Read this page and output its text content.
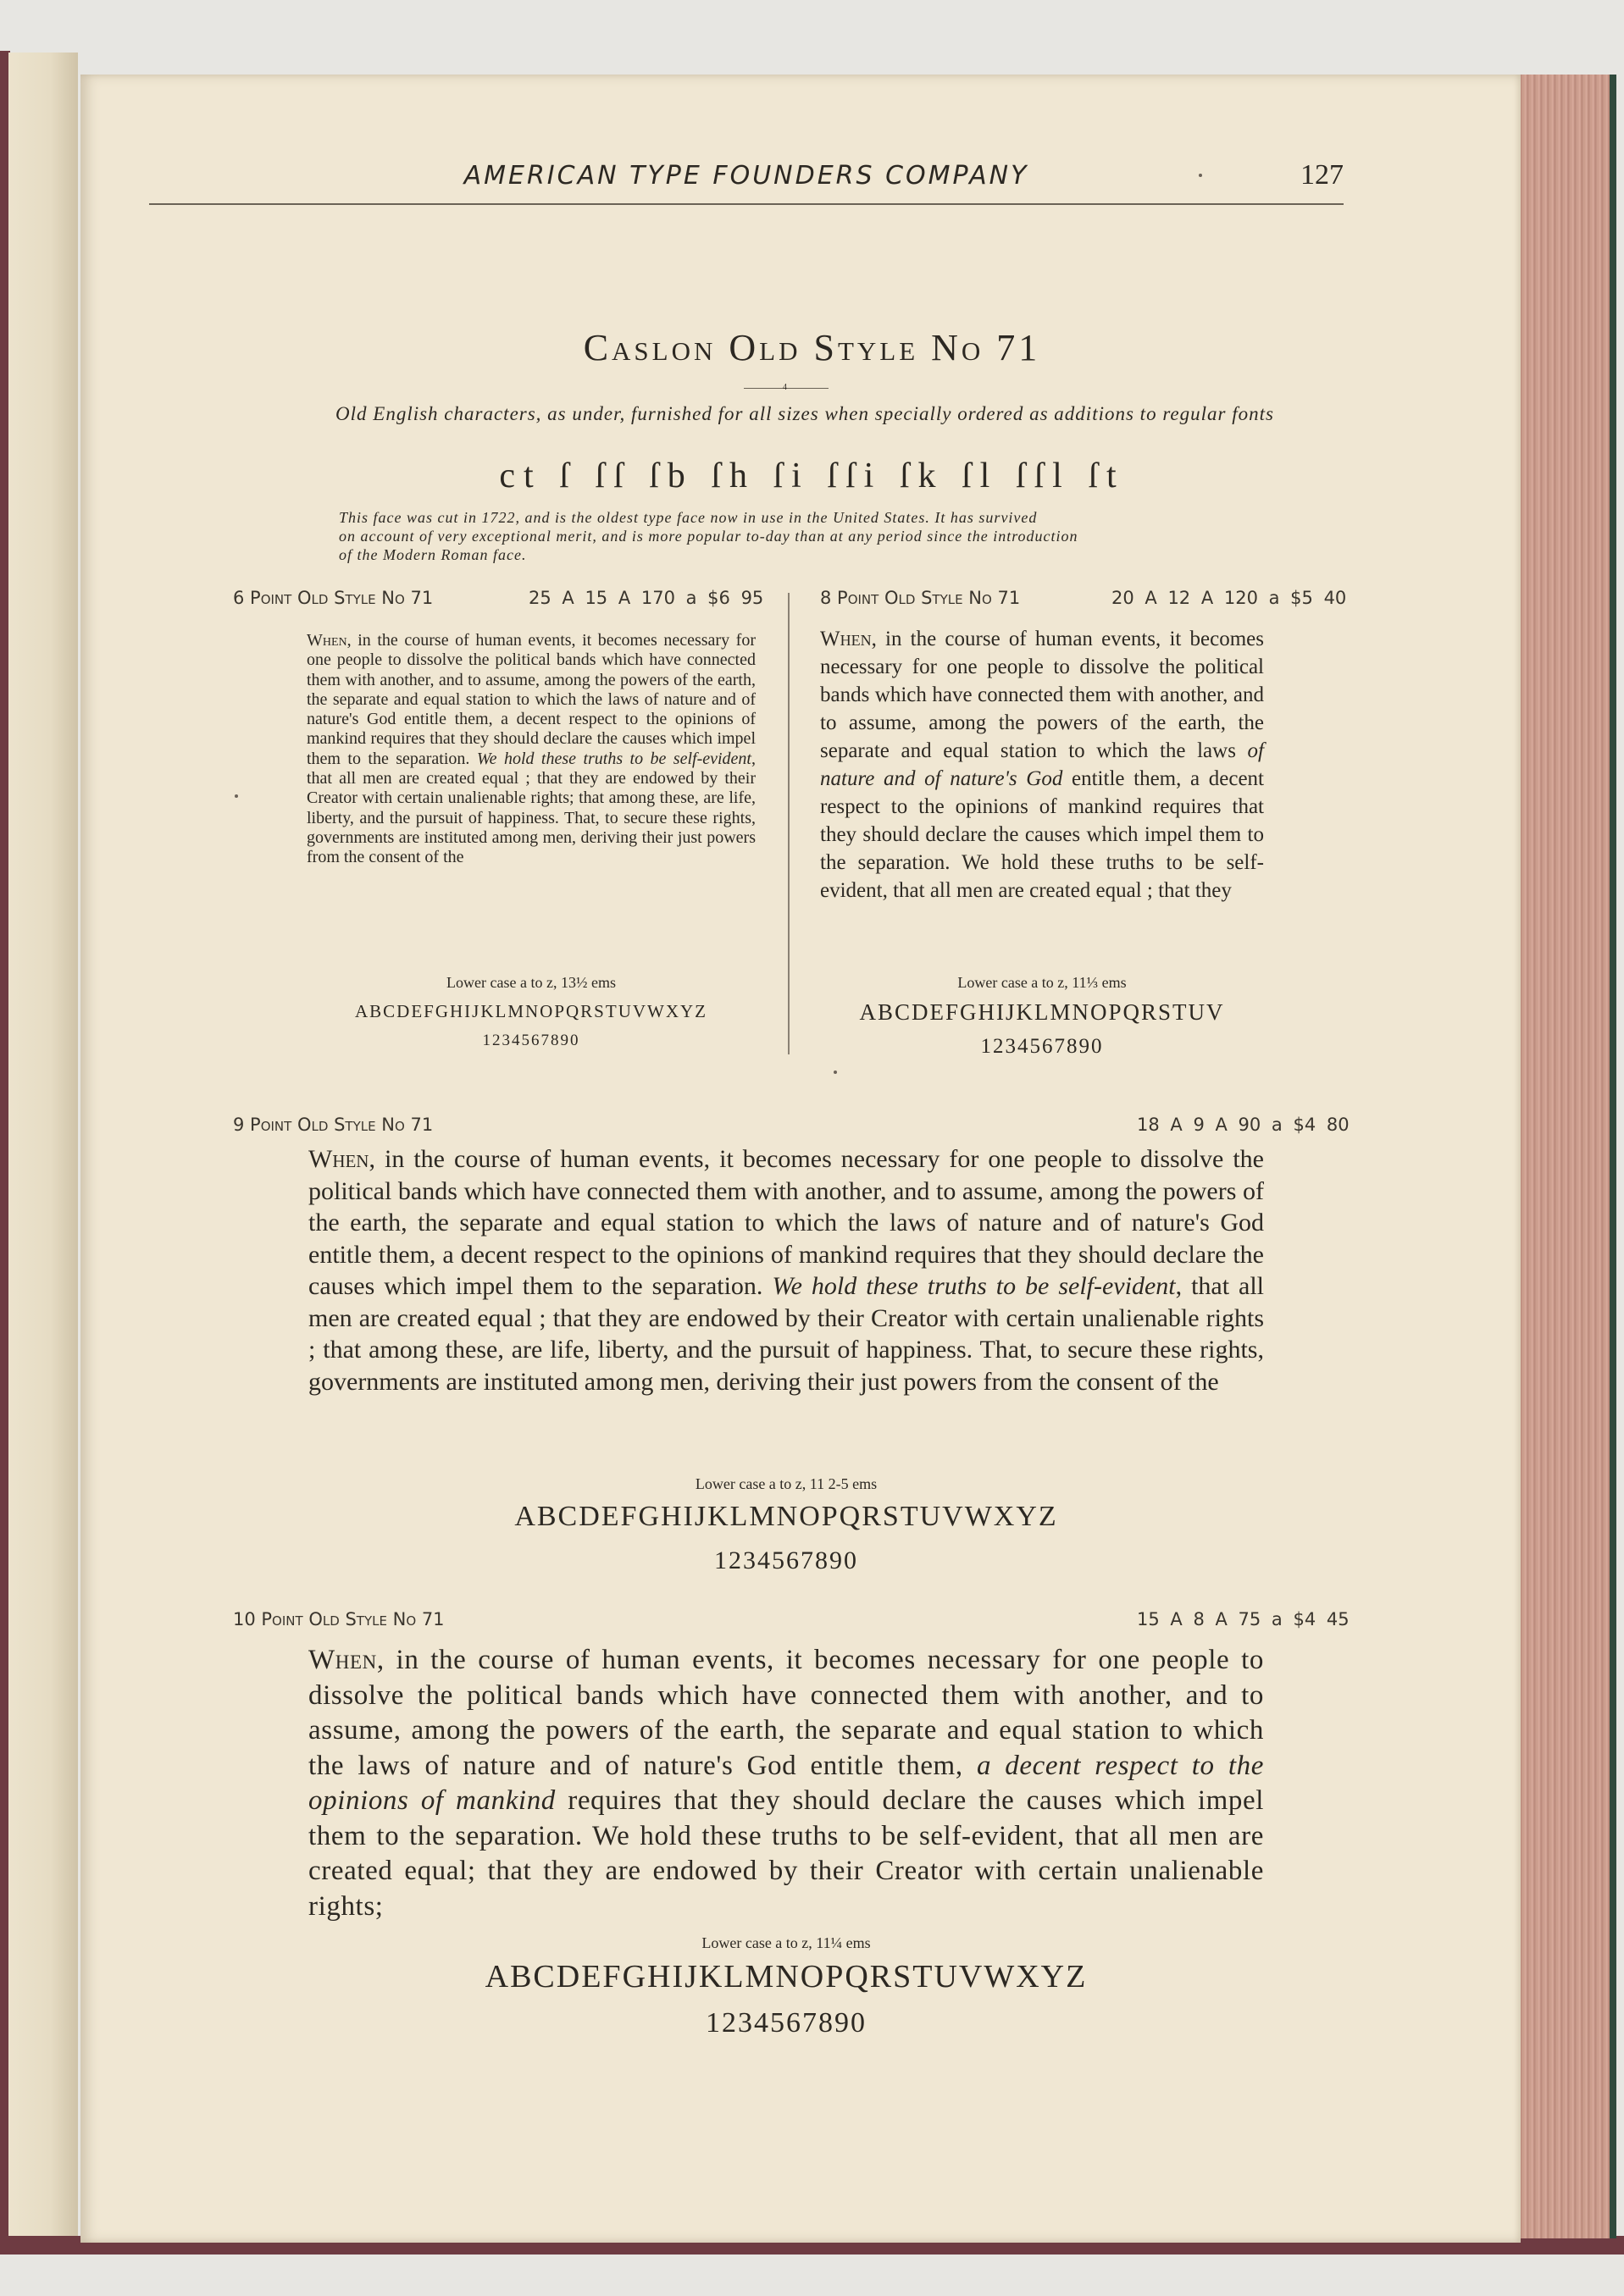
AMERICAN TYPE FOUNDERS COMPANY	127
Caslon Old Style No 71
4
Old English characters, as under, furnished for all sizes when specially ordered as additions to regular fonts
ct ſ ſſ ſb ſh ſi ſſi ſk ſl ſſl ſt
This face was cut in 1722, and is the oldest type face now in use in the United States. It has survived
on account of very exceptional merit, and is more popular to-day than at any period since the introduction
of the Modern Roman face.
6 Point Old Style No 71	25 A 15 A 170 a $6 95
When, in the course of human events, it becomes necessary for one people to dissolve the political bands which have connected them with another, and to assume, among the powers of the earth, the separate and equal station to which the laws of nature and of nature's God entitle them, a decent respect to the opinions of mankind requires that they should declare the causes which impel them to the separation. We hold these truths to be self-evident, that all men are created equal ; that they are endowed by their Creator with certain unalienable rights; that among these, are life, liberty, and the pursuit of happiness. That, to secure these rights, governments are instituted among men, deriving their just powers from the consent of the
Lower case a to z, 13½ ems
ABCDEFGHIJKLMNOPQRSTUVWXYZ
1234567890
8 Point Old Style No 71	20 A 12 A 120 a $5 40
When, in the course of human events, it becomes necessary for one people to dissolve the political bands which have connected them with another, and to assume, among the powers of the earth, the separate and equal station to which the laws of nature and of nature's God entitle them, a decent respect to the opinions of mankind requires that they should declare the causes which impel them to the separation. We hold these truths to be self-evident, that all men are created equal ; that they
Lower case a to z, 11⅓ ems
ABCDEFGHIJKLMNOPQRSTUV
1234567890
9 Point Old Style No 71	18 A 9 A 90 a $4 80
When, in the course of human events, it becomes necessary for one people to dissolve the political bands which have connected them with another, and to assume, among the powers of the earth, the separate and equal station to which the laws of nature and of nature's God entitle them, a decent respect to the opinions of mankind requires that they should declare the causes which impel them to the separation. We hold these truths to be self-evident, that all men are created equal ; that they are endowed by their Creator with certain unalienable rights ; that among these, are life, liberty, and the pursuit of happiness. That, to secure these rights, governments are instituted among men, deriving their just powers from the consent of the
Lower case a to z, 11 2-5 ems
ABCDEFGHIJKLMNOPQRSTUVWXYZ
1234567890
10 Point Old Style No 71	15 A 8 A 75 a $4 45
When, in the course of human events, it becomes necessary for one people to dissolve the political bands which have connected them with another, and to assume, among the powers of the earth, the separate and equal station to which the laws of nature and of nature's God entitle them, a decent respect to the opinions of mankind requires that they should declare the causes which impel them to the separation. We hold these truths to be self-evident, that all men are created equal; that they are endowed by their Creator with certain unalienable rights;
Lower case a to z, 11¼ ems
ABCDEFGHIJKLMNOPQRSTUVWXYZ
1234567890
